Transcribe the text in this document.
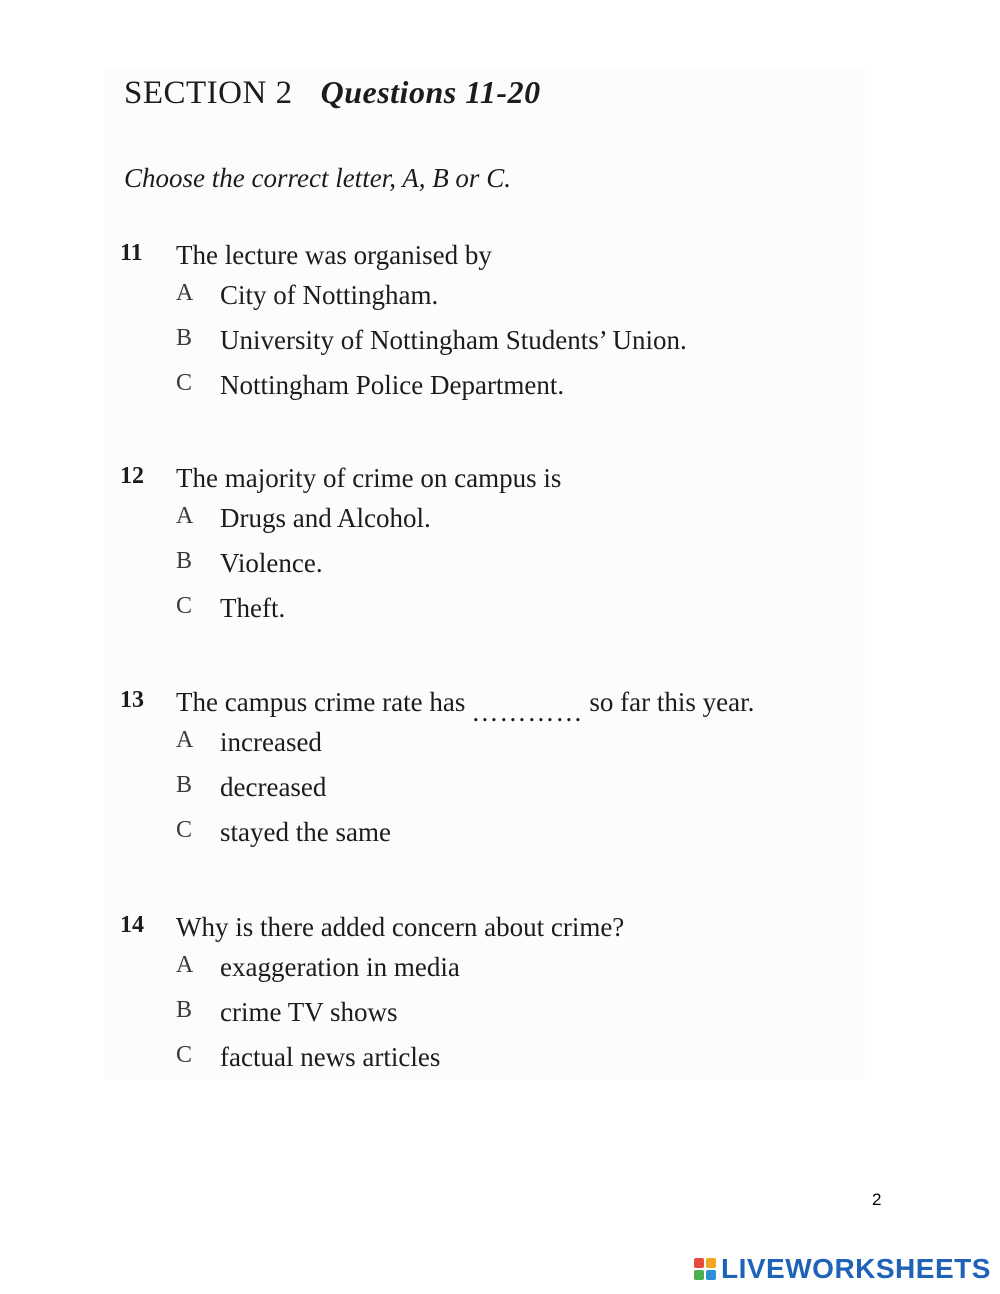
SECTION 2 Questions 11-20
Choose the correct letter, A, B or C.
11 The lecture was organised by
A City of Nottingham.
B University of Nottingham Students’ Union.
C Nottingham Police Department.
12 The majority of crime on campus is
A Drugs and Alcohol.
B Violence.
C Theft.
13 The campus crime rate has ………… so far this year.
A increased
B decreased
C stayed the same
14 Why is there added concern about crime?
A exaggeration in media
B crime TV shows
C factual news articles
2
LIVEWORKSHEETS
